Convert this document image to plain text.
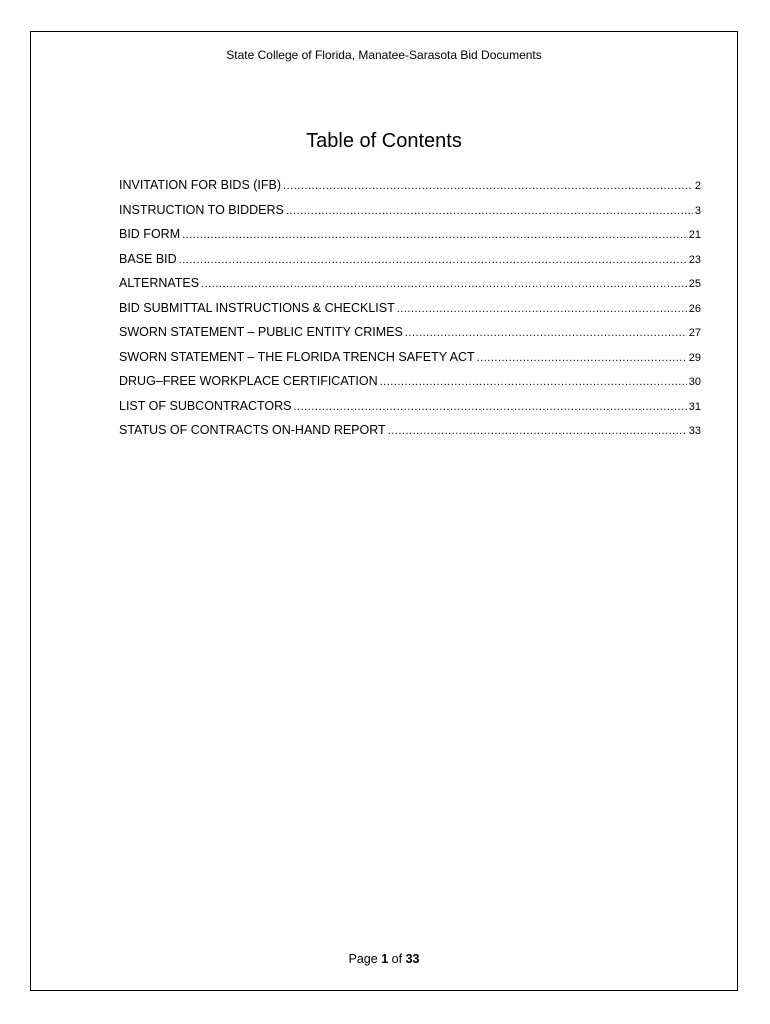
State College of Florida, Manatee-Sarasota Bid Documents
Table of Contents
INVITATION FOR BIDS (IFB) .....	2
INSTRUCTION TO BIDDERS .....	3
BID FORM .....	21
BASE BID .....	23
ALTERNATES .....	25
BID SUBMITTAL INSTRUCTIONS & CHECKLIST .....	26
SWORN STATEMENT – PUBLIC ENTITY CRIMES .....	27
SWORN STATEMENT – THE FLORIDA TRENCH SAFETY ACT .....	29
DRUG–FREE WORKPLACE CERTIFICATION .....	30
LIST OF SUBCONTRACTORS .....	31
STATUS OF CONTRACTS ON-HAND REPORT .....	33
Page 1 of 33
